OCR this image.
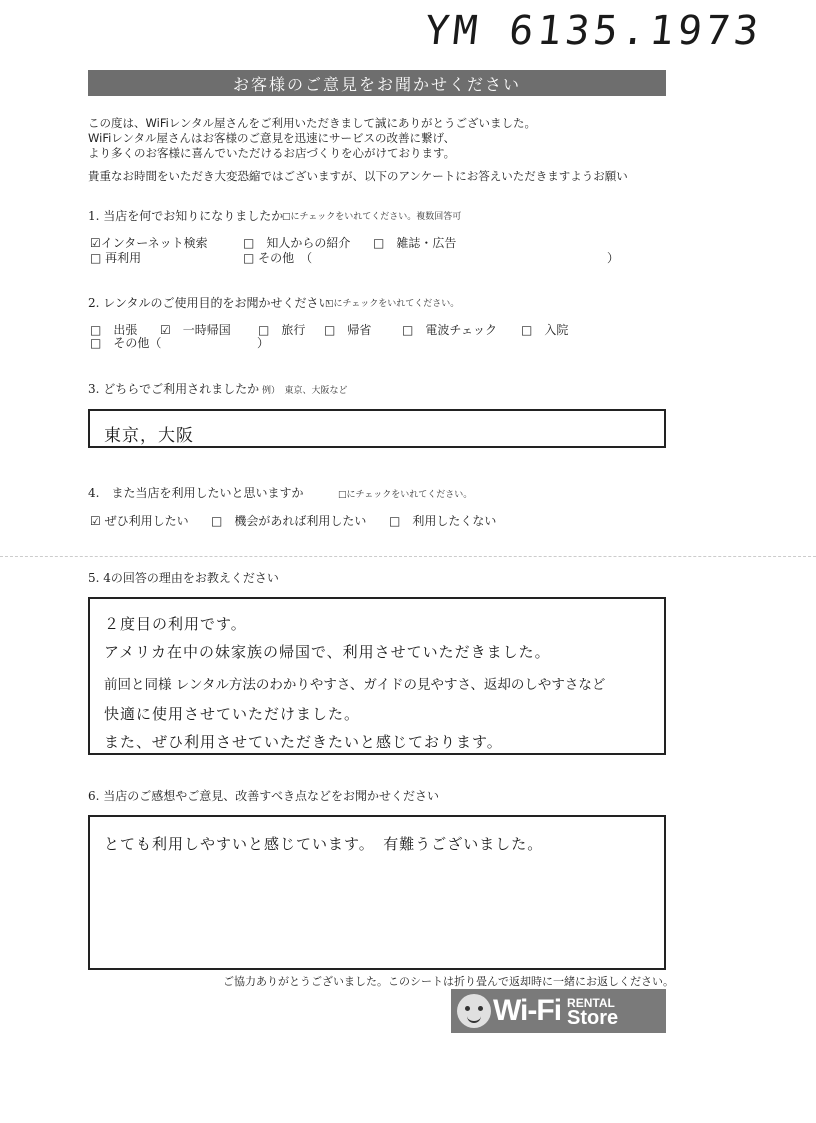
YM 6135.1973
お客様のご意見をお聞かせください
この度は、WiFiレンタル屋さんをご利用いただきまして誠にありがとうございました。
WiFiレンタル屋さんはお客様のご意見を迅速にサービスの改善に繋げ、
より多くのお客様に喜んでいただけるお店づくりを心がけております。
貴重なお時間をいただき大変恐縮ではございますが、以下のアンケートにお答えいただきますようお願い
1. 当店を何でお知りになりましたか
□にチェックをいれてください。複数回答可
☑インターネット検索	□　知人からの紹介 □　雑誌・広告
□ 再利用	□ その他　（	）
2. レンタルのご使用目的をお聞かせください
□にチェックをいれてください。
□　出張 ☑　一時帰国 □　旅行 □　帰省	□　電波チェック □　入院
□　その他（	）
3. どちらでご利用されましたか 例）　東京、大阪など
東京，大阪
4.　また当店を利用したいと思いますか	□にチェックをいれてください。
☑ ぜひ利用したい □　機会があれば利用したい □　利用したくない
5. 4の回答の理由をお教えください
２度目の利用です。
アメリカ在中の妹家族の帰国で、利用させていただきました。
前回と同様 レンタル方法のわかりやすさ、ガイドの見やすさ、返却のしやすさなど
快適に使用させていただけました。
また、ぜひ利用させていただきたいと感じております。
6. 当店のご感想やご意見、改善すべき点などをお聞かせください
とても利用しやすいと感じています。　有難うございました。
ご協力ありがとうございました。このシートは折り畳んで返却時に一緒にお返しください。
Wi-Fi RENTAL
Store
